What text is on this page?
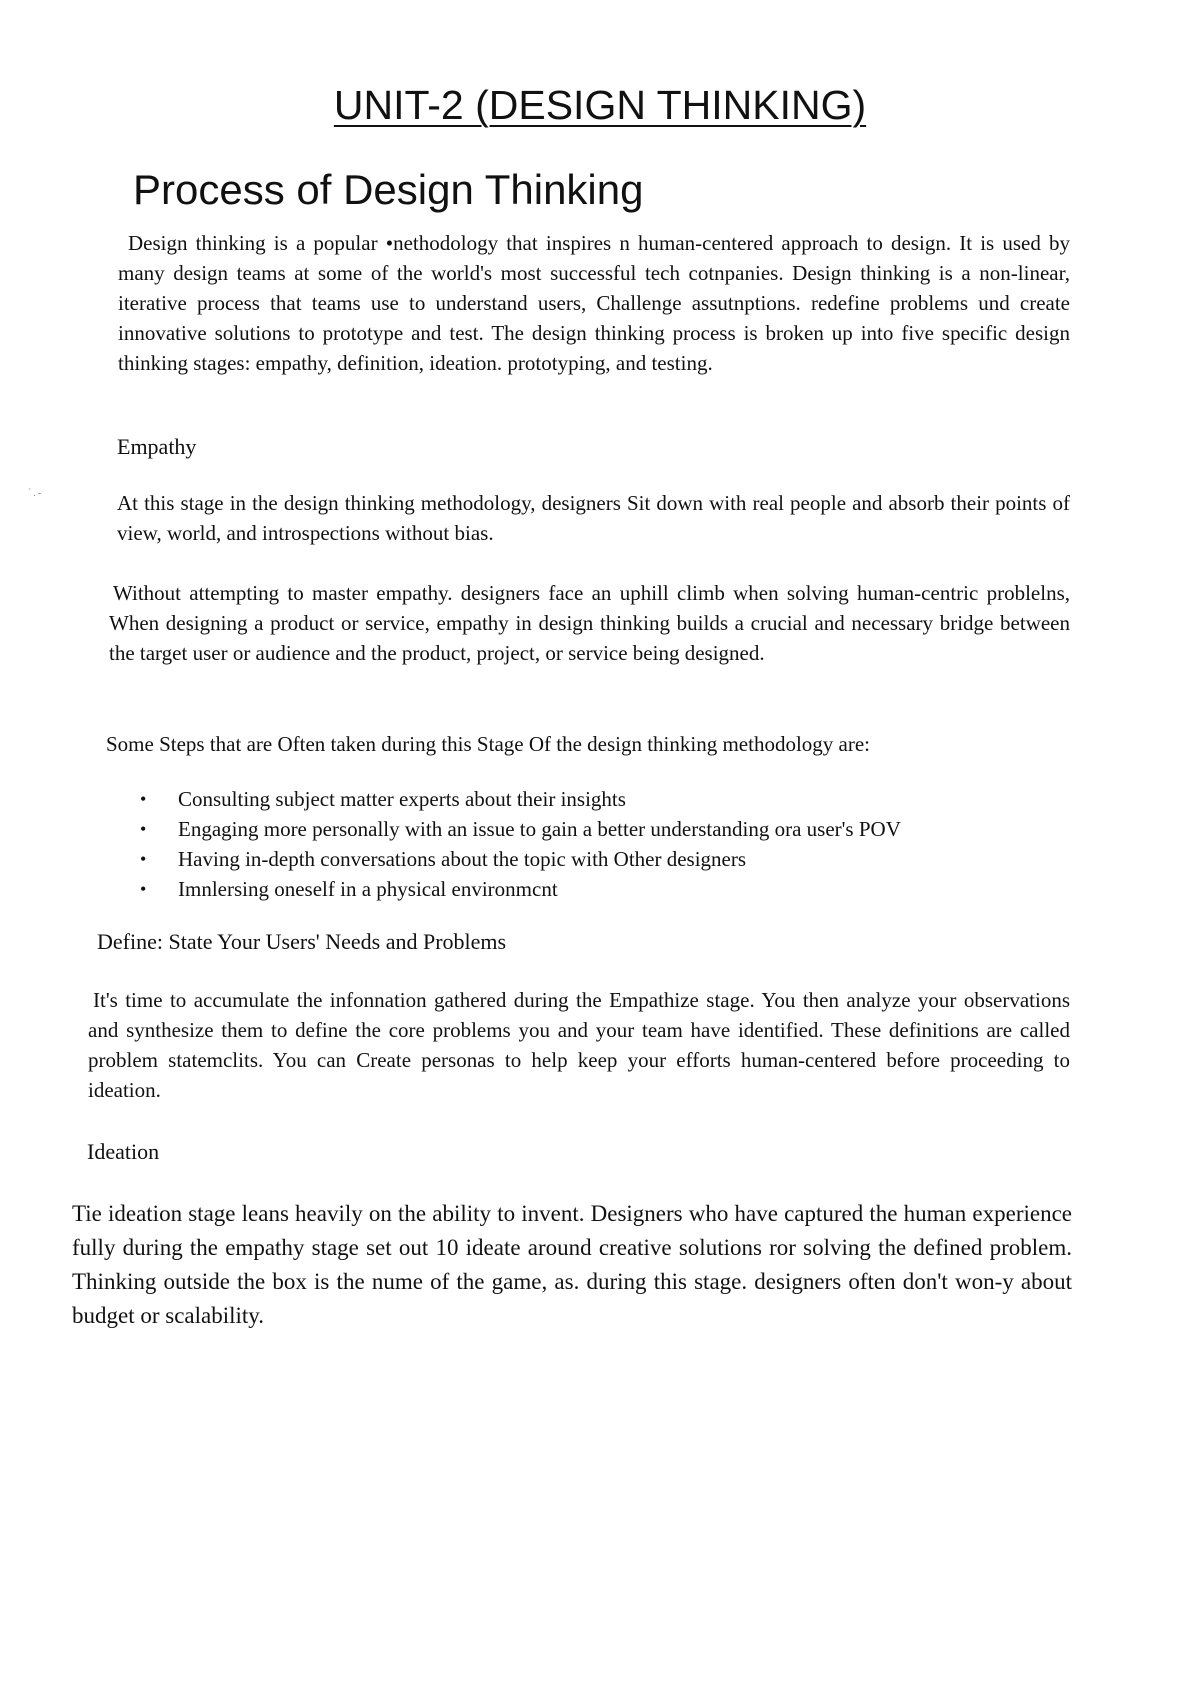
UNIT-2 (DESIGN THINKING)
Process of Design Thinking

Design thinking is a popular •nethodology that inspires n human-centered approach to design. It is used by many design teams at some of the world's most successful tech cotnpanies. Design thinking is a non-linear, iterative process that teams use to understand users, Challenge assutnptions. redefine problems und create innovative solutions to prototype and test. The design thinking process is broken up into five specific design thinking stages: empathy, definition, ideation. prototyping, and testing.

Empathy
`.-	At this stage in the design thinking methodology, designers Sit down with real people and absorb their points of view, world, and introspections without bias.

Without attempting to master empathy. designers face an uphill climb when solving human-centric problelns, When designing a product or service, empathy in design thinking builds a crucial and necessary bridge between the target user or audience and the product, project, or service being designed.

Some Steps that are Often taken during this Stage Of the design thinking methodology are:

• Consulting subject matter experts about their insights
• Engaging more personally with an issue to gain a better understanding ora user's POV
• Having in-depth conversations about the topic with Other designers
• Imnlersing oneself in a physical environmcnt
Define: State Your Users' Needs and Problems

It's time to accumulate the infonnation gathered during the Empathize stage. You then analyze your observations and synthesize them to define the core problems you and your team have identified. These definitions are called problem statemclits. You can Create personas to help keep your efforts human-centered before proceeding to ideation.

Ideation

Tie ideation stage leans heavily on the ability to invent. Designers who have captured the human experience fully during the empathy stage set out 10 ideate around creative solutions ror solving the defined problem. Thinking outside the box is the nume of the game, as. during this stage. designers often don't won-y about budget or scalability.
